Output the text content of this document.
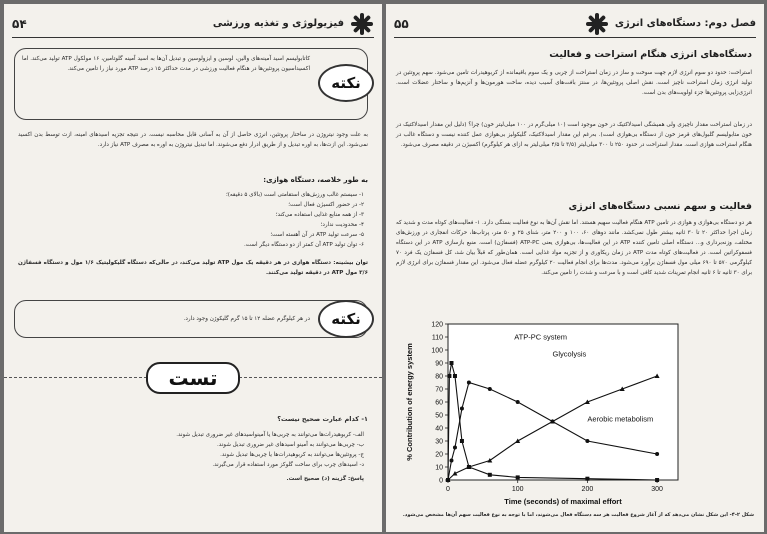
فیزیولوژی و تغذیه ورزشی
۵۴
نکته
کاتابولیسم اسید آمینه‌های والین، لوسین و ایزولوسین و تبدیل آن‌ها به اسید آمینه گلوتامین، ۱۶ مولکول ATP تولید می‌کند. اما اکسیداسیون پروتئین‌ها در هنگام فعالیت ورزشی در مدت حداکثر ۱۵ درصد ATP مورد نیاز را تامین می‌کند.
به علت وجود نیتروژن در ساختار پروتئین، انرژی حاصل از آن به آسانی قابل محاسبه نیست. در نتیجه تجزیه اسیدهای امینه، ازت توسط بدن اکسید نمی‌شود. این ازت‌ها، به اوره تبدیل و از طریق ادرار دفع می‌شوند. اما تبدیل نیتروژن به اوره به مصرف ATP نیاز دارد.
به طور خلاصه، دستگاه هوازی:
۱- سیستم غالب ورزش‌های استقامتی است (بالای ۵ دقیقه)؛
۲- در حضور اکسیژن فعال است؛
۳- از همه منابع غذایی استفاده می‌کند؛
۴- محدودیت ندارد؛
۵- سرعت تولید ATP در آن آهسته است؛
۶- توان تولید ATP آن کمتر از دو دستگاه دیگر است.
توان بیشینه: دستگاه هوازی در هر دقیقه یک مول ATP تولید می‌کند، در حالی‌که دستگاه گلیکولیتیک ۱/۶ مول و دستگاه فسفاژن ۳/۶ مول ATP در دقیقه تولید می‌کنند.
نکته
در هر کیلوگرم عضله ۱۲ تا ۱۵ گرم گلیکوژن وجود دارد.
تست
۱- کدام عبارت صحیح نیست؟
الف- کربوهیدرات‌ها می‌توانند به چربی‌ها یا آمینواسیدهای غیر ضروری تبدیل شوند.
ب- چربی‌ها می‌توانند به آمینو اسیدهای غیر ضروری تبدیل شوند.
ج- پروتئین‌ها می‌توانند به کربوهیدرات‌ها یا چربی‌ها تبدیل شوند.
د- اسیدهای چرب برای ساخت گلوکز مورد استفاده قرار می‌گیرند.
پاسخ: گزینه (د) صحیح است.
فصل دوم: دستگاه‌های انرژی
۵۵
دستگاه‌های انرژی هنگام استراحت و فعالیت
استراحت: حدود دو سوم انرژی لازم جهت سوخت و ساز در زمان استراحت از چربی و یک سوم باقیمانده از کربوهیدرات تامین می‌شود. سهم پروتئین در تولید انرژی زمان استراحت ناچیز است. نقش اصلی پروتئین‌ها، در سنتز بافت‌های آسیب دیده، ساخت هورمون‌ها و آنزیم‌ها و ساختار عضلات است. انرژی‌زایی پروتئین‌ها جزء اولویت‌های بدن است.
در زمان استراحت مقدار ناچیزی ولی همیشگی اسیدلاکتیک در خون موجود است (۱۰ میلی‌گرم در ۱۰۰ میلی‌لیتر خون) چرا؟ (دلیل این مقدار اسیدلاکتیک در خون متابولیسم گلبول‌های قرمز خون از دستگاه بی‌هوازی است). به‌رغم این مقدار اسیدلاکتیک، گلیکولیز بی‌هوازی عمل کننده نیست و دستگاه غالب در هنگام استراحت هوازی است. مقدار استراحت در حدود ۲۵۰ تا ۳۰۰ میلی‌لیتر (۳/۵ تا ۴/۵ میلی‌لیتر به ازای هر کیلوگرم) اکسیژن در دقیقه مصرف می‌شود.
فعالیت و سهم نسبی دستگاه‌های انرژی
هر دو دستگاه بی‌هوازی و هوازی در تامین ATP هنگام فعالیت سهیم هستند. اما نقش آن‌ها به نوع فعالیت بستگی دارد. ۱- فعالیت‌های کوتاه مدت و شدید که زمان اجرا حداکثر ۲۰ تا ۳۰ ثانیه بیشتر طول نمی‌کشد. مانند دوهای ۶۰، ۱۰۰ و ۲۰۰ متر، شنای ۲۵ و ۵۰ متر، پرتاب‌ها، حرکات انفجاری در ورزش‌های مختلف، وزنه‌برداری و... دستگاه اصلی تامین کننده ATP در این فعالیت‌ها، بی‌هوازی یعنی ATP-PC (فسفاژن) است. منبع بازسازی ATP در این دستگاه فسفوکراتین است. در فعالیت‌های کوتاه مدت ATP در زمان ریکاوری و از تجزیه مواد غذایی است. همان‌طور که قبلاً بیان شد، کل فسفاژن یک فرد ۷۰ کیلوگرمی ۵۷۰ تا ۶۹۰ میلی مول فسفاژن برآورد می‌شود. مدت‌ها برای انجام فعالیت ۲۰ کیلوگرم عضله فعال می‌شود. این مقدار فسفاژن برای انرژی لازم برای ۳۰ ثانیه تا ۶ ثانیه انجام تمرینات شدید کافی است و با سرعت و شدت را تامین می‌کند.
0
10
20
30
40
50
60
70
80
90
100
110
120
0	100	200	300
Time (seconds) of maximal effort
% Contribution of energy system
ATP-PC system
Glycolysis
Aerobic metabolism
شکل ۲-۴- این شکل نشان می‌دهد که از آغاز شروع فعالیت هر سه دستگاه فعال می‌شوند، اما با توجه به نوع فعالیت سهم آن‌ها مشخص می‌شود.
